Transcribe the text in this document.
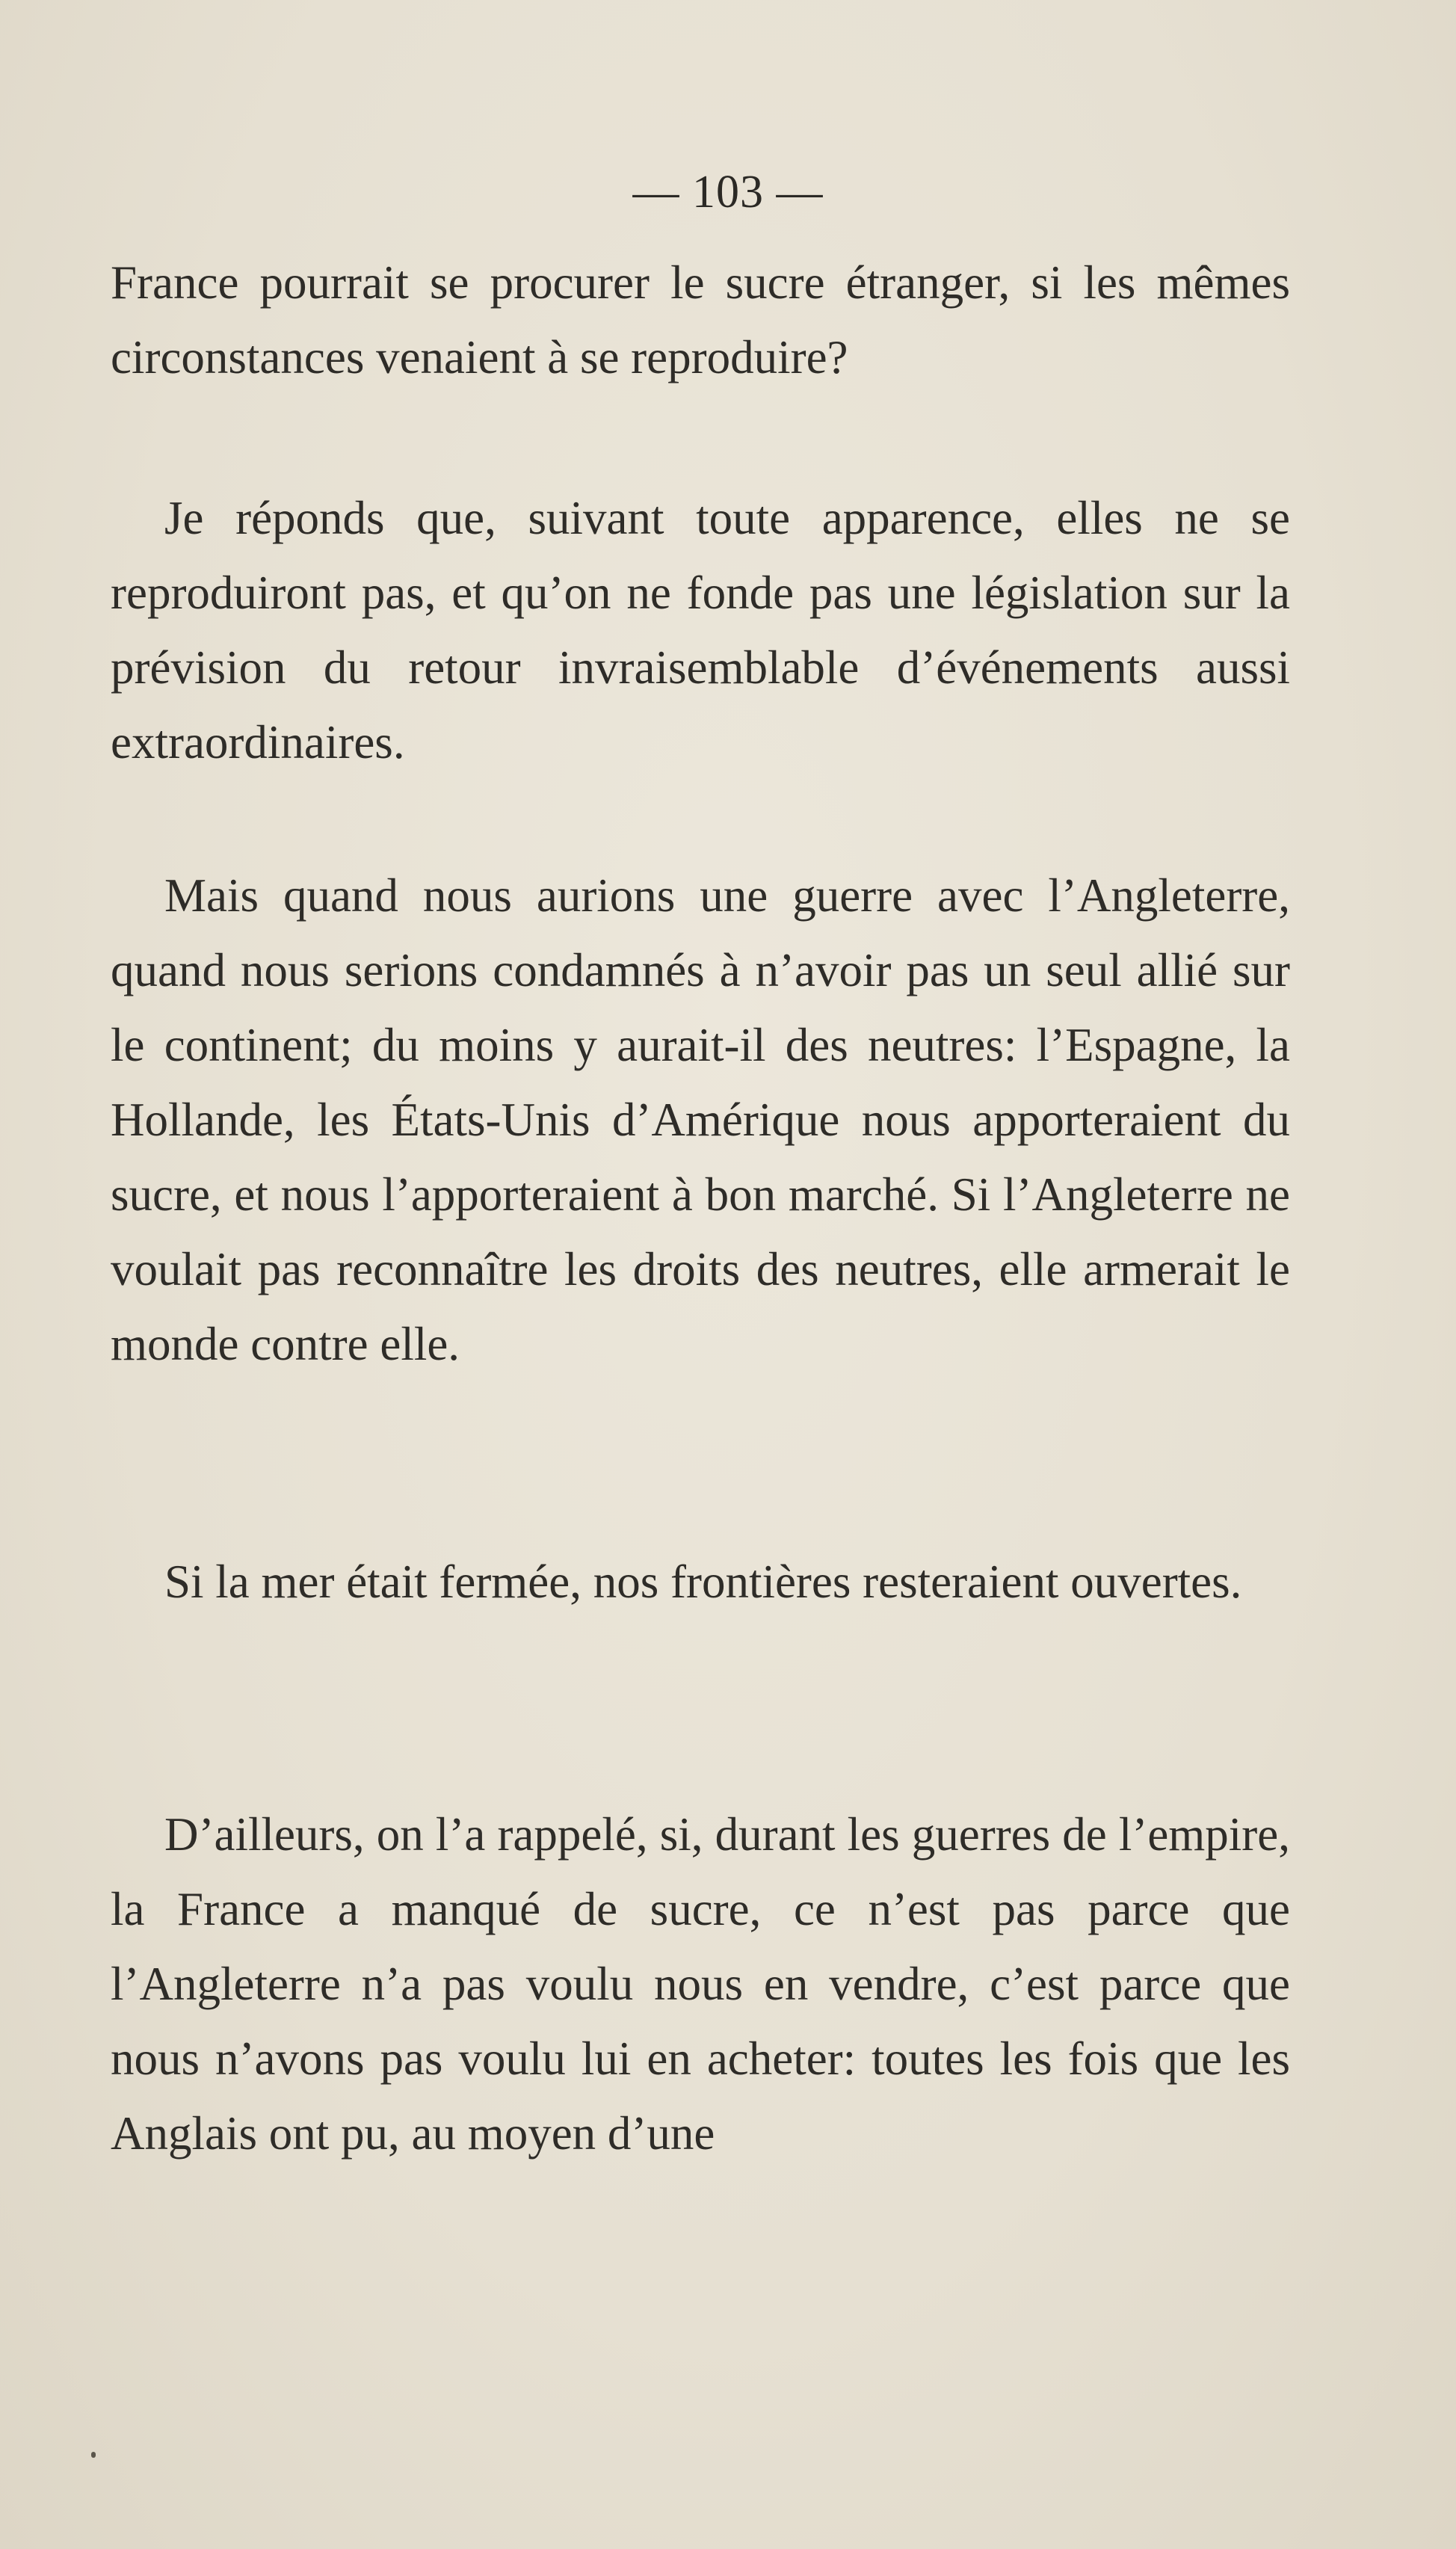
— 103 —

France pourrait se procurer le sucre étranger, si les mêmes circonstances venaient à se reproduire?

Je réponds que, suivant toute apparence, elles ne se reproduiront pas, et qu’on ne fonde pas une législation sur la prévision du retour invraisemblable d’événements aussi extraordinaires.

Mais quand nous aurions une guerre avec l’Angleterre, quand nous serions condamnés à n’avoir pas un seul allié sur le continent; du moins y aurait-il des neutres: l’Espagne, la Hollande, les États-Unis d’Amérique nous apporteraient du sucre, et nous l’apporteraient à bon marché. Si l’Angleterre ne voulait pas reconnaître les droits des neutres, elle armerait le monde contre elle.

Si la mer était fermée, nos frontières resteraient ouvertes.

D’ailleurs, on l’a rappelé, si, durant les guerres de l’empire, la France a manqué de sucre, ce n’est pas parce que l’Angleterre n’a pas voulu nous en vendre, c’est parce que nous n’avons pas voulu lui en acheter: toutes les fois que les Anglais ont pu, au moyen d’une
